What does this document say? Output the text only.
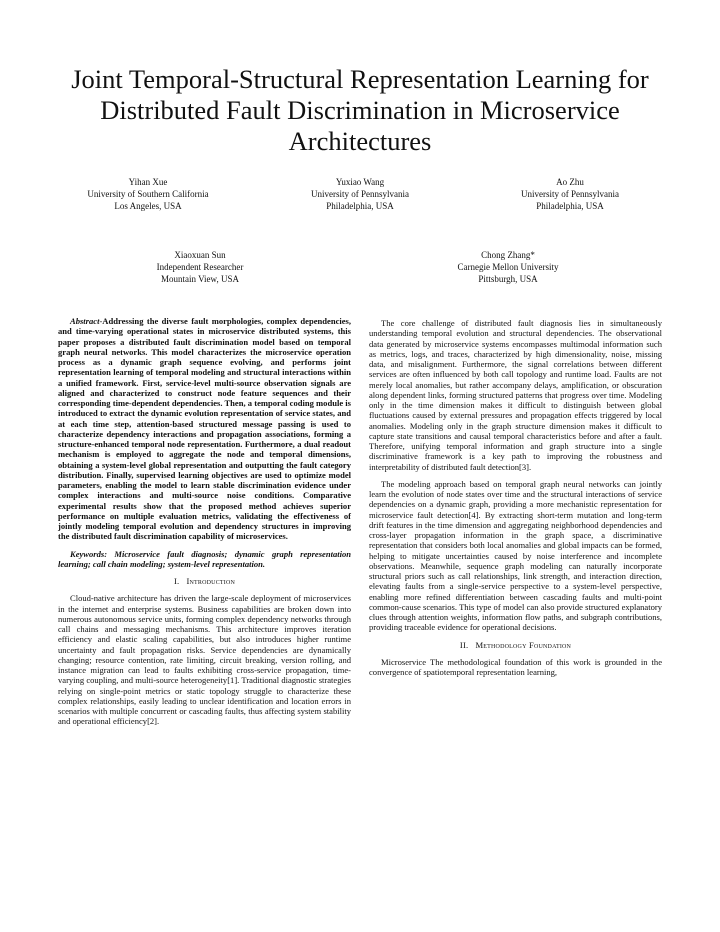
Joint Temporal-Structural Representation Learning for Distributed Fault Discrimination in Microservice Architectures
Yihan Xue
University of Southern California
Los Angeles, USA
Yuxiao Wang
University of Pennsylvania
Philadelphia, USA
Ao Zhu
University of Pennsylvania
Philadelphia, USA
Xiaoxuan Sun
Independent Researcher
Mountain View, USA
Chong Zhang*
Carnegie Mellon University
Pittsburgh, USA

Abstract-Addressing the diverse fault morphologies, complex dependencies, and time-varying operational states in microservice distributed systems, this paper proposes a distributed fault discrimination model based on temporal graph neural networks. This model characterizes the microservice operation process as a dynamic graph sequence evolving, and performs joint representation learning of temporal modeling and structural interactions within a unified framework. First, service-level multi-source observation signals are aligned and characterized to construct node feature sequences and their corresponding time-dependent dependencies. Then, a temporal coding module is introduced to extract the dynamic evolution representation of service states, and at each time step, attention-based structured message passing is used to characterize dependency interactions and propagation associations, forming a structure-enhanced temporal node representation. Furthermore, a dual readout mechanism is employed to aggregate the node and temporal dimensions, obtaining a system-level global representation and outputting the fault category distribution. Finally, supervised learning objectives are used to optimize model parameters, enabling the model to learn stable discrimination evidence under complex interactions and multi-source noise conditions. Comparative experimental results show that the proposed method achieves superior performance on multiple evaluation metrics, validating the effectiveness of jointly modeling temporal evolution and dependency structures in improving the distributed fault discrimination capability of microservices.

Keywords: Microservice fault diagnosis; dynamic graph representation learning; call chain modeling; system-level representation.

I. Introduction

Cloud-native architecture has driven the large-scale deployment of microservices in the internet and enterprise systems. Business capabilities are broken down into numerous autonomous service units, forming complex dependency networks through call chains and messaging mechanisms. This architecture improves iteration efficiency and elastic scaling capabilities, but also introduces higher runtime uncertainty and fault propagation risks. Service dependencies are dynamically changing; resource contention, rate limiting, circuit breaking, version rolling, and instance migration can lead to faults exhibiting cross-service propagation, time-varying coupling, and multi-source heterogeneity[1]. Traditional diagnostic strategies relying on single-point metrics or static topology struggle to characterize these complex relationships, easily leading to unclear identification and location errors in scenarios with multiple concurrent or cascading faults, thus affecting system stability and operational efficiency[2].

The core challenge of distributed fault diagnosis lies in simultaneously understanding temporal evolution and structural dependencies. The observational data generated by microservice systems encompasses multimodal information such as metrics, logs, and traces, characterized by high dimensionality, noise, missing data, and misalignment. Furthermore, the signal correlations between different services are often influenced by both call topology and runtime load. Faults are not merely local anomalies, but rather accompany delays, amplification, or obscuration along dependent links, forming structured patterns that progress over time. Modeling only in the time dimension makes it difficult to distinguish between global fluctuations caused by external pressures and propagation effects triggered by local anomalies. Modeling only in the graph structure dimension makes it difficult to capture state transitions and causal temporal characteristics before and after a fault. Therefore, unifying temporal information and graph structure into a single discriminative framework is a key path to improving the robustness and interpretability of distributed fault detection[3].

The modeling approach based on temporal graph neural networks can jointly learn the evolution of node states over time and the structural interactions of service dependencies on a dynamic graph, providing a more mechanistic representation for microservice fault detection[4]. By extracting short-term mutation and long-term drift features in the time dimension and aggregating neighborhood dependencies and cross-layer propagation information in the graph space, a discriminative representation that considers both local anomalies and global impacts can be formed, helping to mitigate uncertainties caused by noise interference and incomplete observations. Meanwhile, sequence graph modeling can naturally incorporate structural priors such as call relationships, link strength, and interaction direction, elevating faults from a single-service perspective to a system-level perspective, enabling more refined differentiation between cascading faults and multi-point common-cause scenarios. This type of model can also provide structured explanatory clues through attention weights, information flow paths, and subgraph contributions, providing traceable evidence for operational decisions.

II. Methodology Foundation

Microservice The methodological foundation of this work is grounded in the convergence of spatiotemporal representation learning,
